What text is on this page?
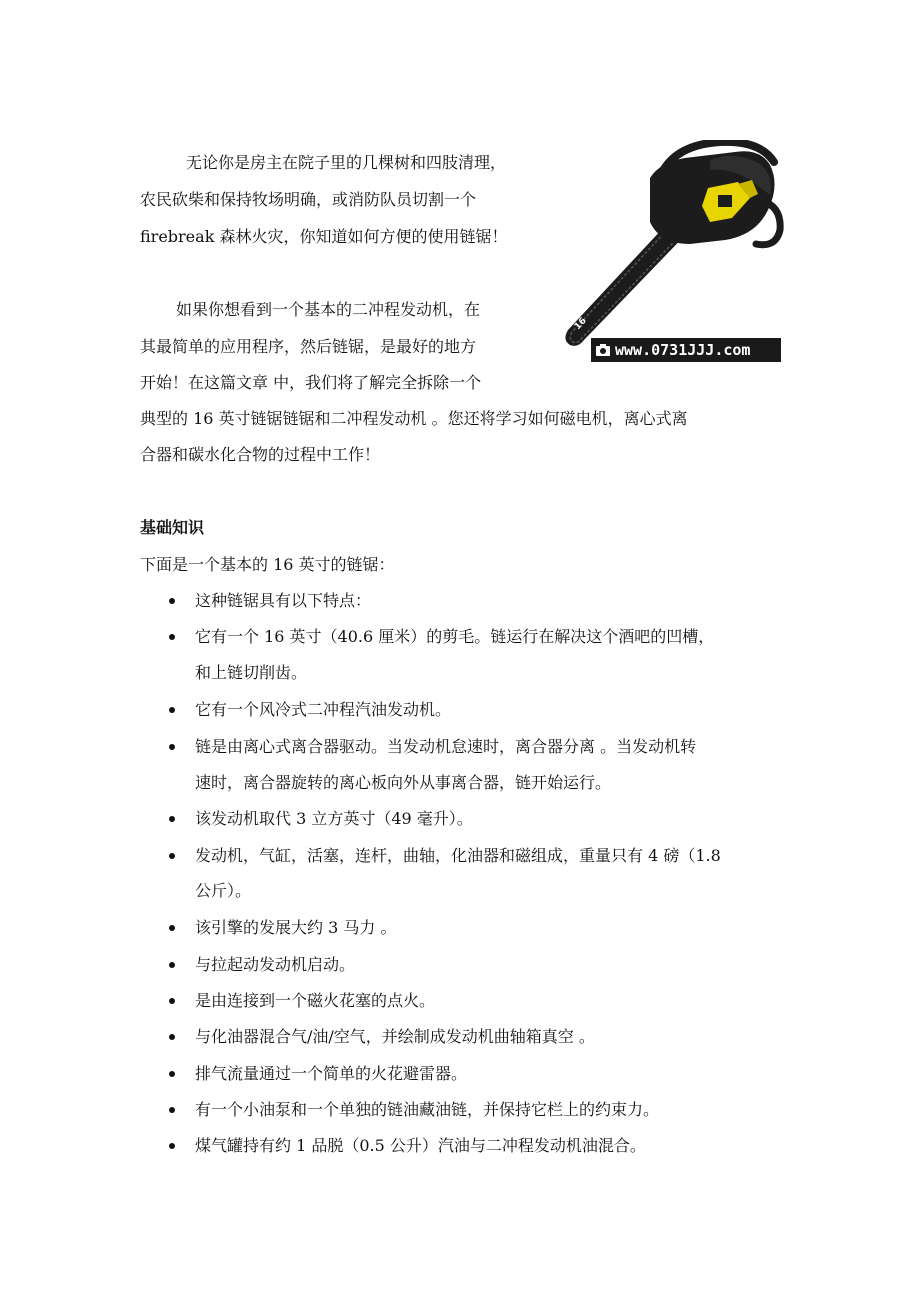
无论你是房主在院子里的几棵树和四肢清理，
农民砍柴和保持牧场明确，或消防队员切割一个
firebreak 森林火灾，你知道如何方便的使用链锯！
如果你想看到一个基本的二冲程发动机，在
其最简单的应用程序，然后链锯，是最好的地方
开始！在这篇文章 中，我们将了解完全拆除一个
典型的 16 英寸链锯链锯和二冲程发动机 。您还将学习如何磁电机，离心式离
合器和碳水化合物的过程中工作！
基础知识
下面是一个基本的 16 英寸的链锯：
这种链锯具有以下特点：
它有一个 16 英寸（40.6 厘米）的剪毛。链运行在解决这个酒吧的凹槽，
和上链切削齿。
它有一个风冷式二冲程汽油发动机。
链是由离心式离合器驱动。当发动机怠速时，离合器分离 。当发动机转
速时，离合器旋转的离心板向外从事离合器，链开始运行。
该发动机取代 3 立方英寸（49 毫升）。
发动机，气缸，活塞，连杆，曲轴，化油器和磁组成，重量只有 4 磅（1.8
公斤）。
该引擎的发展大约 3 马力 。
与拉起动发动机启动。
是由连接到一个磁火花塞的点火。
与化油器混合气/油/空气，并绘制成发动机曲轴箱真空 。
排气流量通过一个简单的火花避雷器。
有一个小油泵和一个单独的链油藏油链，并保持它栏上的约束力。
煤气罐持有约 1 品脱（0.5 公升）汽油与二冲程发动机油混合。
16
www.0731JJJ.com
